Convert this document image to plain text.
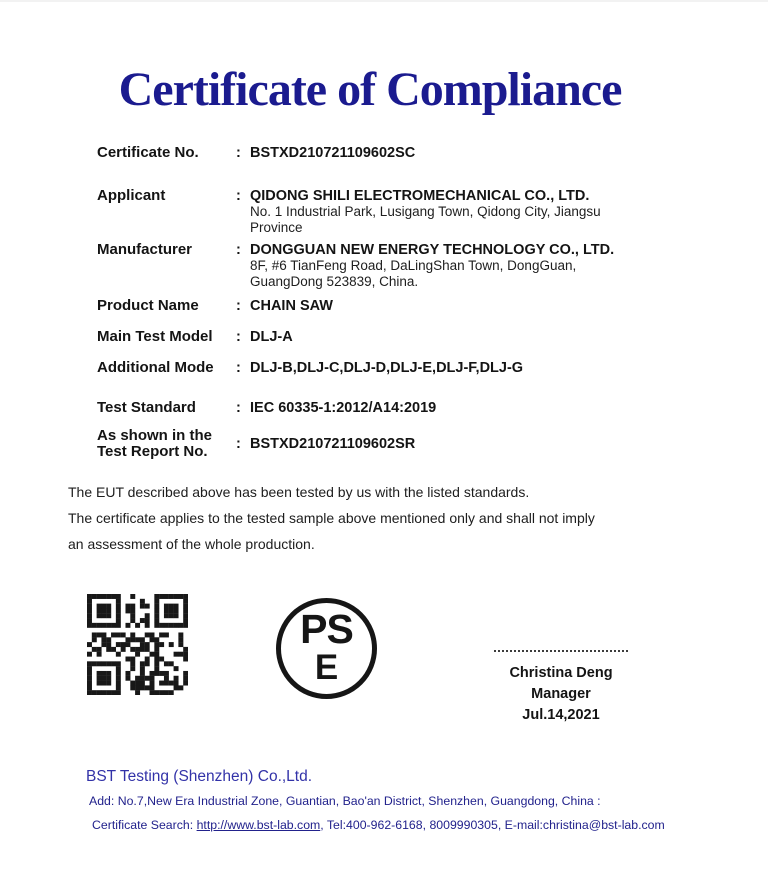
Certificate of Compliance
Certificate No.	: BSTXD210721109602SC
Applicant	: QIDONG SHILI ELECTROMECHANICAL CO., LTD.
No. 1 Industrial Park, Lusigang Town, Qidong City, Jiangsu
Province
Manufacturer	: DONGGUAN NEW ENERGY TECHNOLOGY CO., LTD.
8F, #6 TianFeng Road, DaLingShan Town, DongGuan,
GuangDong 523839, China.
Product Name	: CHAIN SAW
Main Test Model	: DLJ-A
Additional Mode	: DLJ-B,DLJ-C,DLJ-D,DLJ-E,DLJ-F,DLJ-G
Test Standard	: IEC 60335-1:2012/A14:2019
As shown in the
Test Report No.	: BSTXD210721109602SR
The EUT described above has been tested by us with the listed standards.
The certificate applies to the tested sample above mentioned only and shall not imply
an assessment of the whole production.
PS
E	Christina Deng
Manager
Jul.14,2021
BST Testing (Shenzhen) Co.,Ltd.
Add: No.7,New Era Industrial Zone, Guantian, Bao'an District, Shenzhen, Guangdong, China :
Certificate Search: http://www.bst-lab.com, Tel:400-962-6168, 8009990305, E-mail:christina@bst-lab.com
